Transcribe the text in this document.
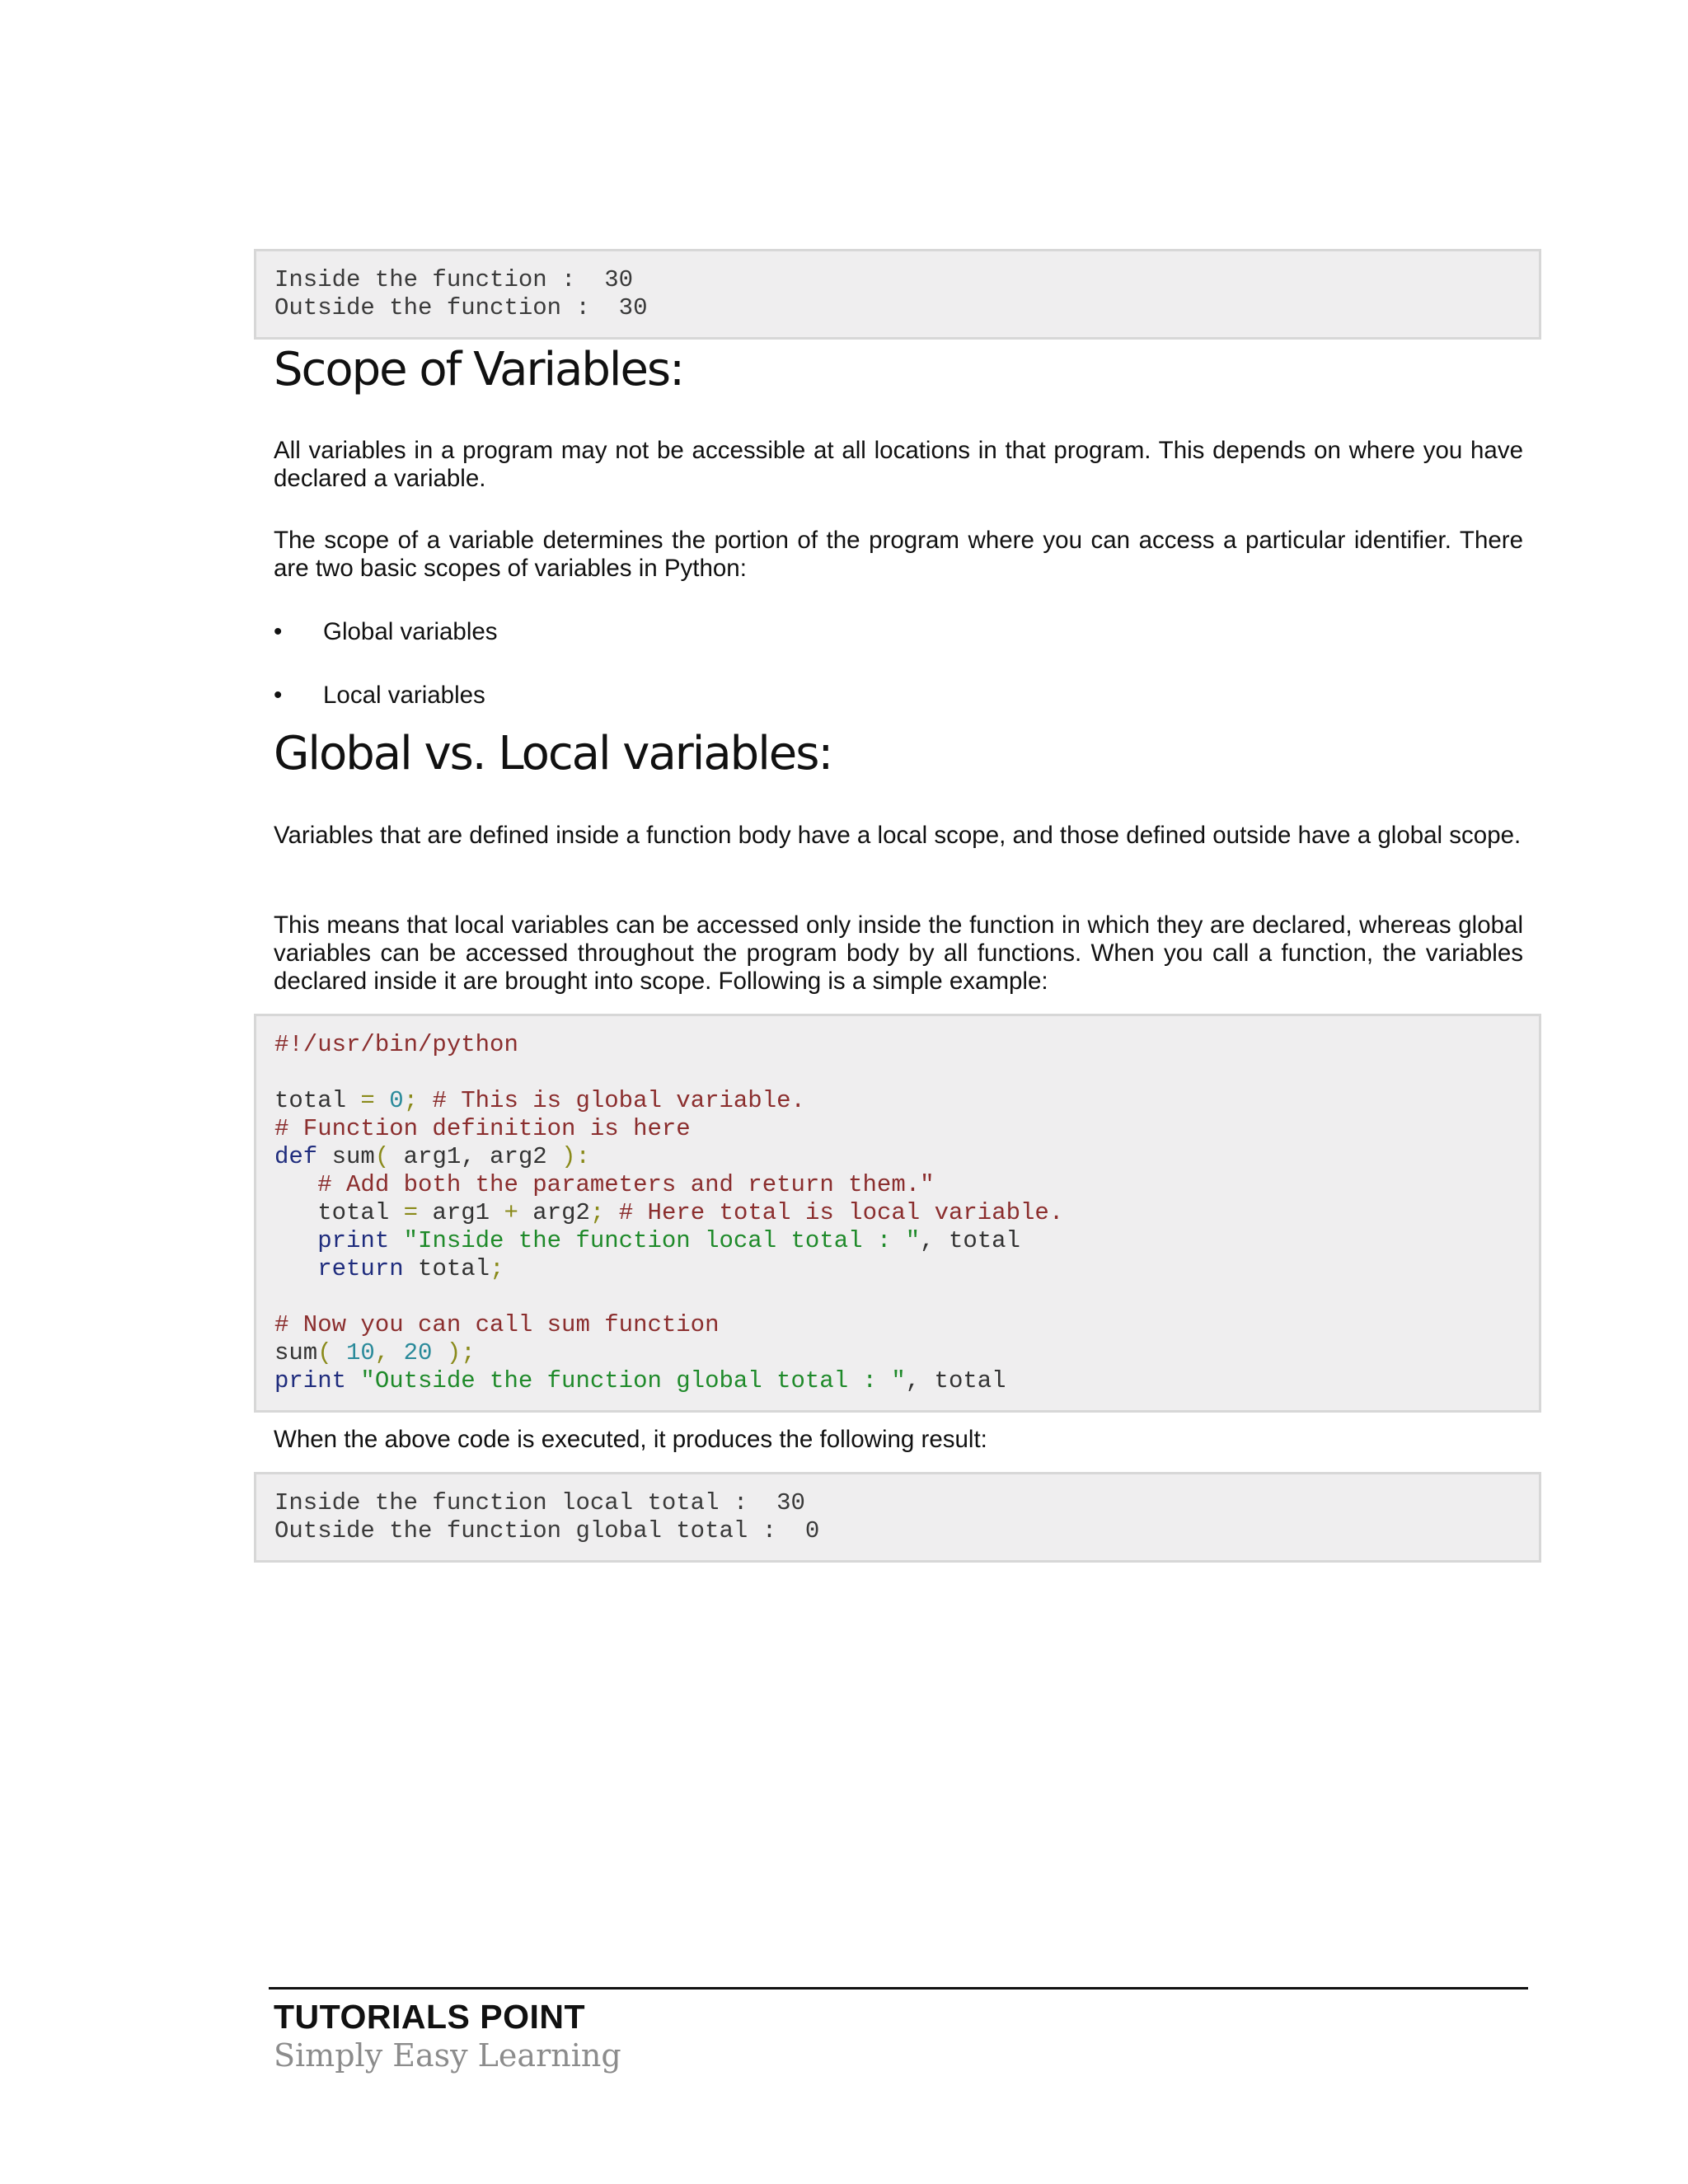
Inside the function :  30
Outside the function :  30
Scope of Variables:

All variables in a program may not be accessible at all locations in that program. This depends on where you have declared a variable.

The scope of a variable determines the portion of the program where you can access a particular identifier. There are two basic scopes of variables in Python:

• Global variables
• Local variables
Global vs. Local variables:

Variables that are defined inside a function body have a local scope, and those defined outside have a global scope.

This means that local variables can be accessed only inside the function in which they are declared, whereas global variables can be accessed throughout the program body by all functions. When you call a function, the variables declared inside it are brought into scope. Following is a simple example:

#!/usr/bin/python
total = 0; # This is global variable.
# Function definition is here
def sum( arg1, arg2 ):
# Add both the parameters and return them."
total = arg1 + arg2; # Here total is local variable.
print "Inside the function local total : ", total
return total;
# Now you can call sum function
sum( 10, 20 );
print "Outside the function global total : ", total

When the above code is executed, it produces the following result:

Inside the function local total :  30
Outside the function global total :  0
TUTORIALS POINT
Simply Easy Learning
